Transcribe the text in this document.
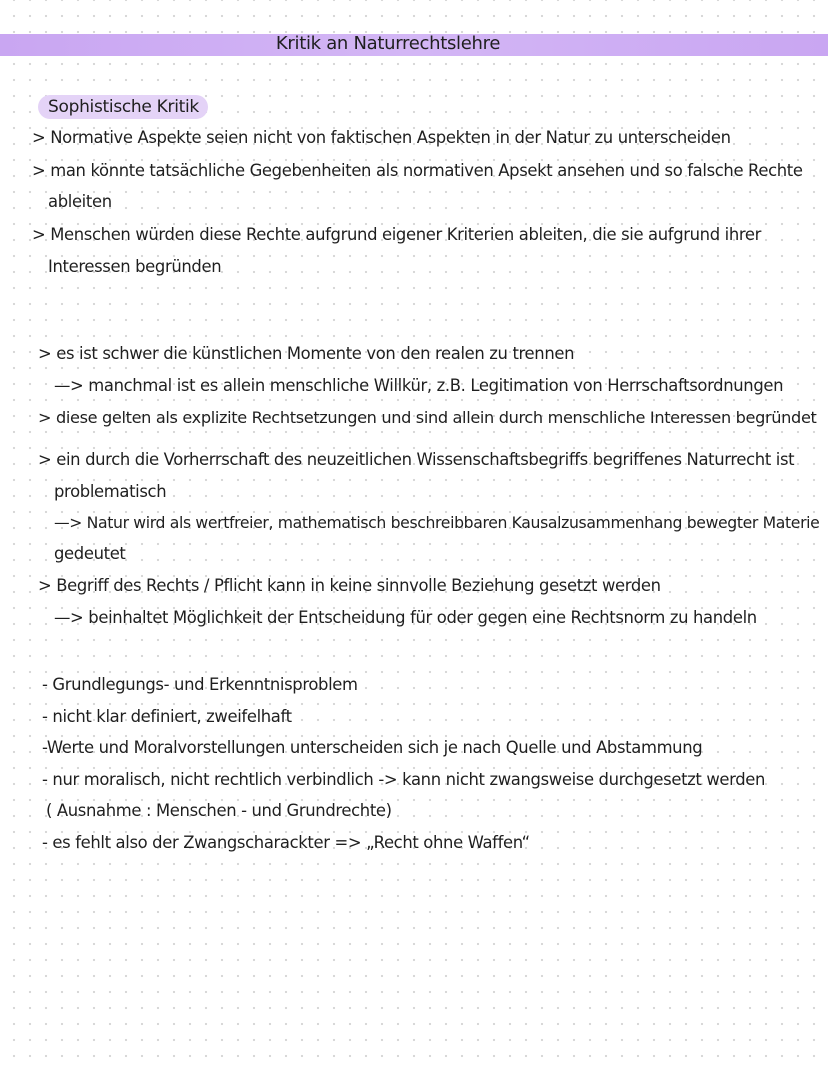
Kritik an Naturrechtslehre
Sophistische Kritik
> Normative Aspekte seien nicht von faktischen Aspekten in der Natur zu unterscheiden
> man könnte tatsächliche Gegebenheiten als normativen Apsekt ansehen und so falsche Rechte
ableiten
> Menschen würden diese Rechte aufgrund eigener Kriterien ableiten, die sie aufgrund ihrer
Interessen begründen
> es ist schwer die künstlichen Momente von den realen zu trennen
—> manchmal ist es allein menschliche Willkür, z.B. Legitimation von Herrschaftsordnungen
> diese gelten als explizite Rechtsetzungen und sind allein durch menschliche Interessen begründet
> ein durch die Vorherrschaft des neuzeitlichen Wissenschaftsbegriffs begriffenes Naturrecht ist
problematisch
—> Natur wird als wertfreier, mathematisch beschreibbaren Kausalzusammenhang bewegter Materie
gedeutet
> Begriff des Rechts / Pflicht kann in keine sinnvolle Beziehung gesetzt werden
—> beinhaltet Möglichkeit der Entscheidung für oder gegen eine Rechtsnorm zu handeln
- Grundlegungs- und Erkenntnisproblem
- nicht klar definiert, zweifelhaft
-Werte und Moralvorstellungen unterscheiden sich je nach Quelle und Abstammung
- nur moralisch, nicht rechtlich verbindlich -> kann nicht zwangsweise durchgesetzt werden
( Ausnahme : Menschen - und Grundrechte)
- es fehlt also der Zwangscharackter => „Recht ohne Waffen“
